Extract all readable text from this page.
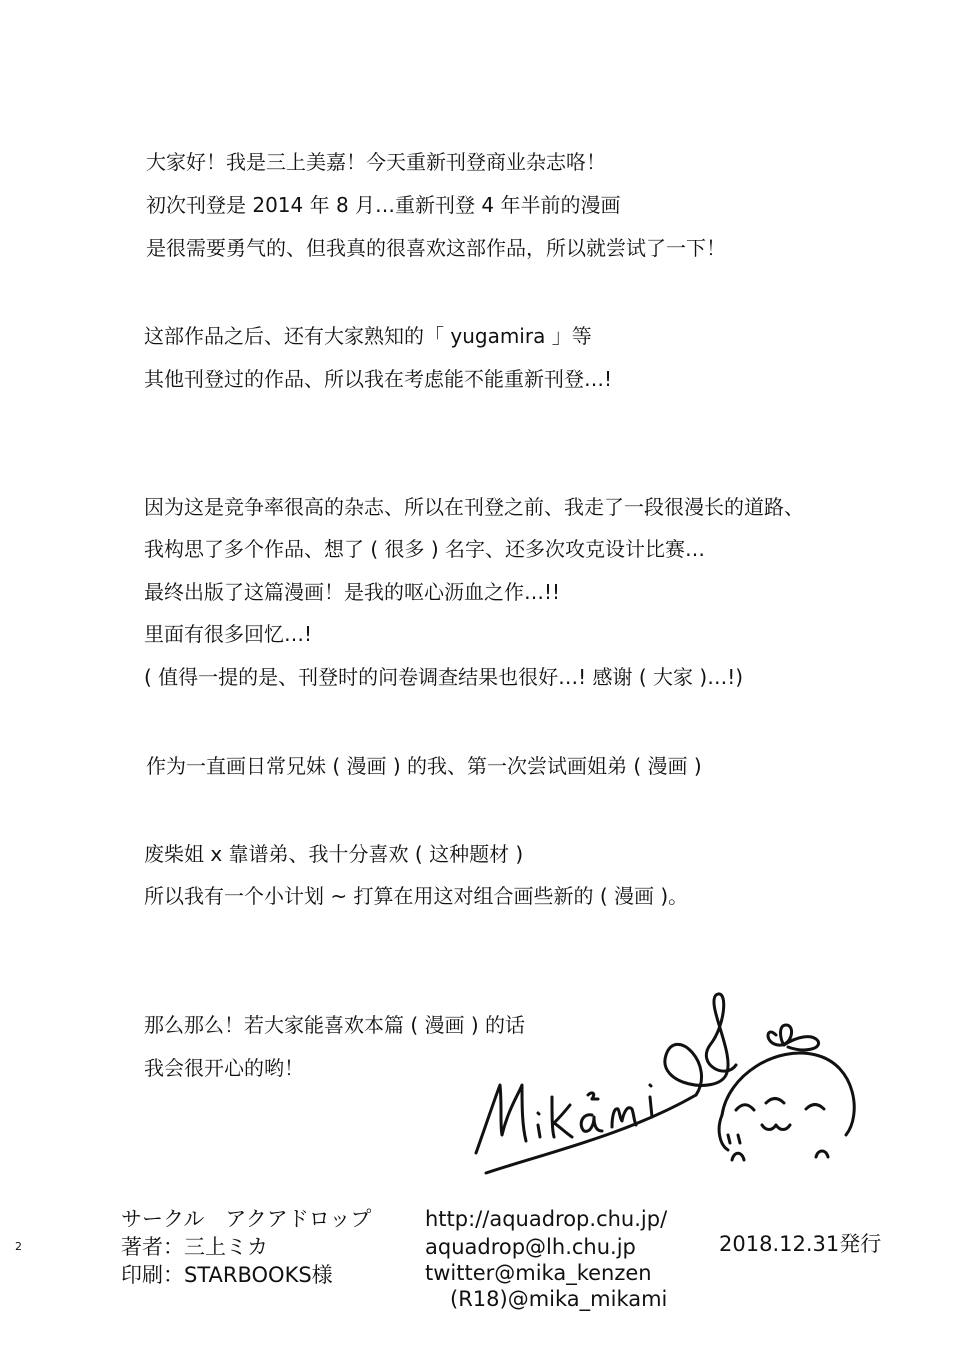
大家好！我是三上美嘉！今天重新刊登商业杂志咯！
初次刊登是 2014 年 8 月…重新刊登 4 年半前的漫画
是很需要勇气的、但我真的很喜欢这部作品，所以就尝试了一下！
这部作品之后、还有大家熟知的「 yugamira 」等
其他刊登过的作品、所以我在考虑能不能重新刊登…!
因为这是竞争率很高的杂志、所以在刊登之前、我走了一段很漫长的道路、
我构思了多个作品、想了 ( 很多 ) 名字、还多次攻克设计比赛…
最终出版了这篇漫画！是我的呕心沥血之作…!!
里面有很多回忆…!
( 值得一提的是、刊登时的问卷调查结果也很好…! 感谢 ( 大家 )…!)
作为一直画日常兄妹 ( 漫画 ) 的我、第一次尝试画姐弟 ( 漫画 )
废柴姐 x 靠谱弟、我十分喜欢 ( 这种题材 )
所以我有一个小计划 ~ 打算在用这对组合画些新的 ( 漫画 )。
那么那么！若大家能喜欢本篇 ( 漫画 ) 的话
我会很开心的哟！
サークル　アクアドロップ
著者：三上ミカ
印刷：STARBOOKS様
http://aquadrop.chu.jp/
aquadrop@lh.chu.jp
twitter@mika_kenzen
(R18)@mika_mikami
2018.12.31発行
2
